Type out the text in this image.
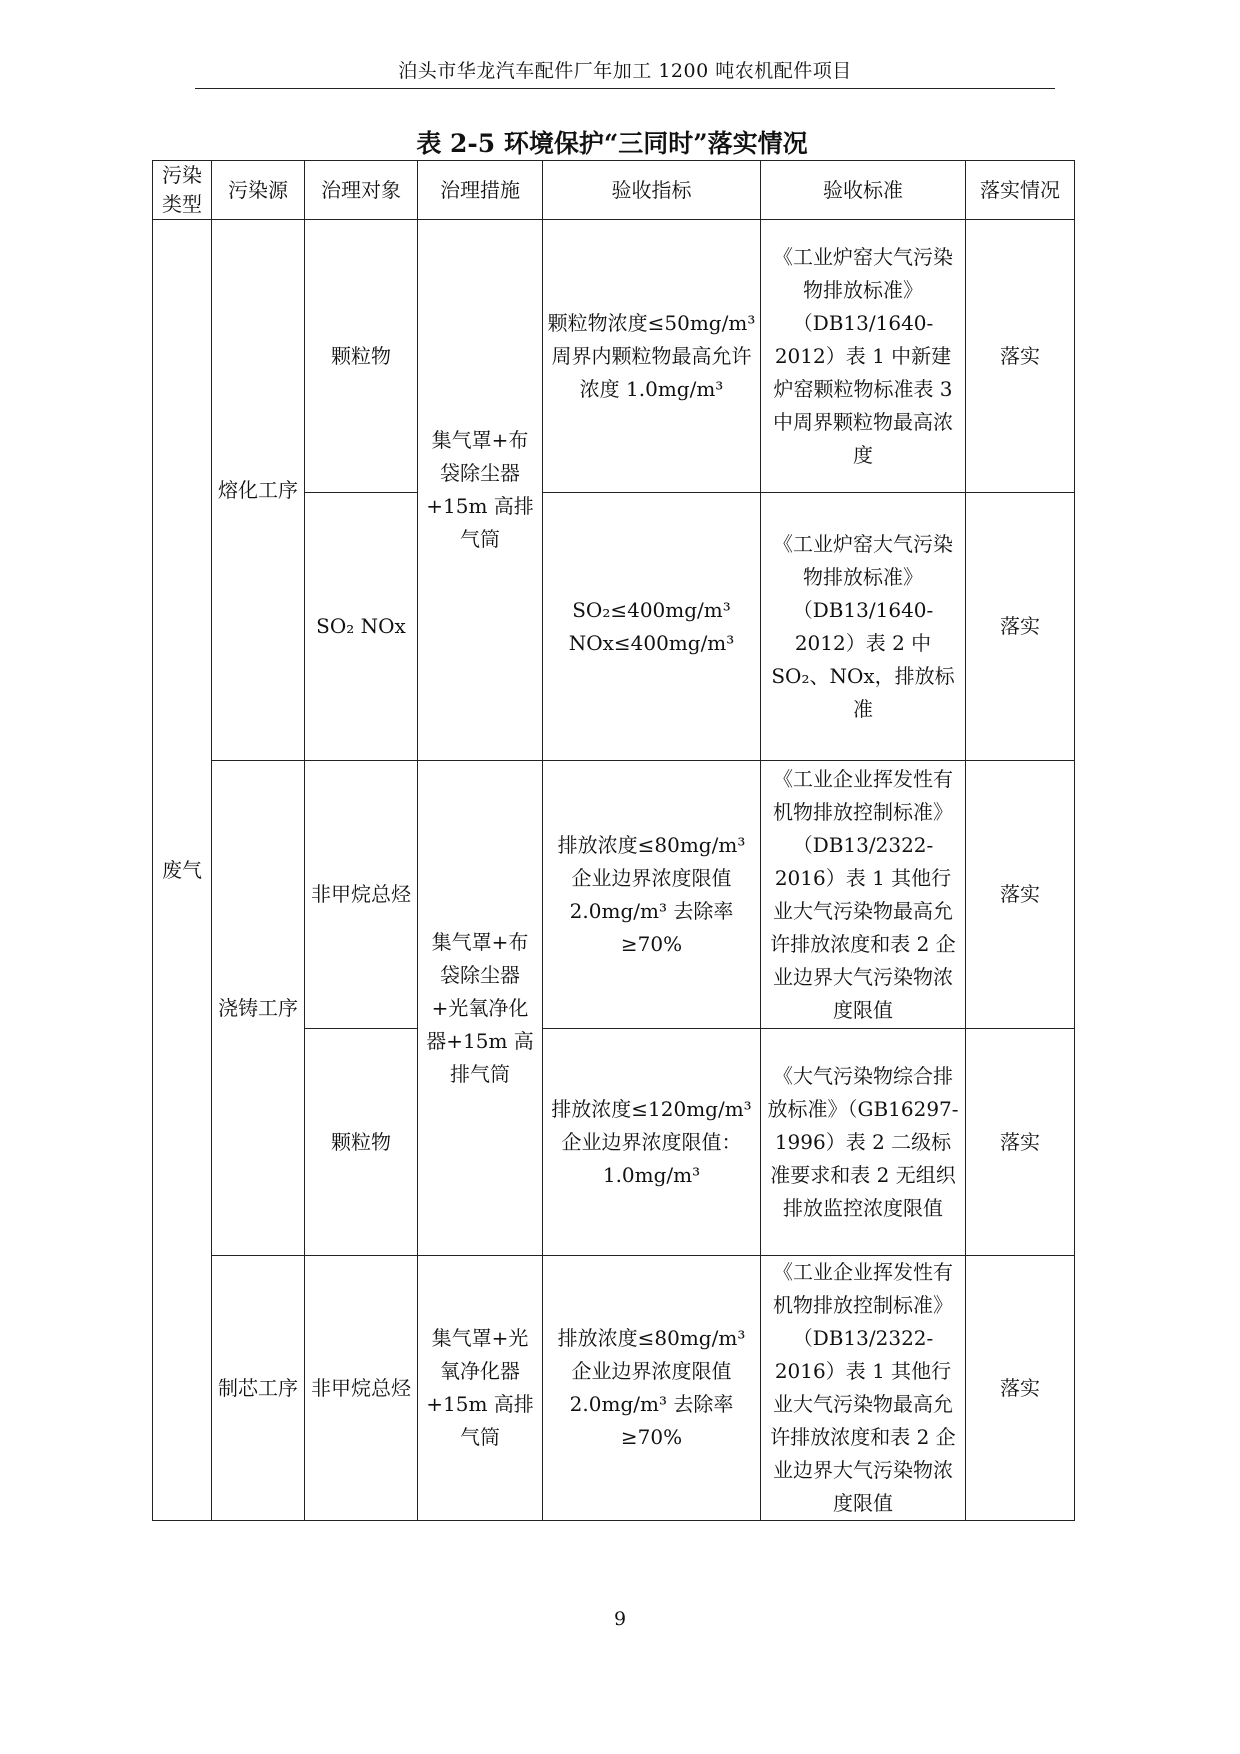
泊头市华龙汽车配件厂年加工 1200 吨农机配件项目
表 2-5 环境保护“三同时”落实情况
污染类型	污染源	治理对象	治理措施	验收指标	验收标准	落实情况
废气	熔化工序	颗粒物	集气罩+布袋除尘器+15m 高排气筒	颗粒物浓度≤50mg/m³ 周界内颗粒物最高允许浓度 1.0mg/m³	《工业炉窑大气污染物排放标准》（DB13/1640-2012）表 1 中新建炉窑颗粒物标准表 3 中周界颗粒物最高浓度	落实
		SO₂ NOx		SO₂≤400mg/m³ NOx≤400mg/m³	《工业炉窑大气污染物排放标准》（DB13/1640-2012）表 2 中 SO₂、NOx，排放标准	落实
	浇铸工序	非甲烷总烃	集气罩+布袋除尘器+光氧净化器+15m 高排气筒	排放浓度≤80mg/m³ 企业边界浓度限值 2.0mg/m³ 去除率≥70%	《工业企业挥发性有机物排放控制标准》（DB13/2322-2016）表 1 其他行业大气污染物最高允许排放浓度和表 2 企业边界大气污染物浓度限值	落实
		颗粒物		排放浓度≤120mg/m³ 企业边界浓度限值：1.0mg/m³	《大气污染物综合排放标准》（GB16297-1996）表 2 二级标准要求和表 2 无组织排放监控浓度限值	落实
	制芯工序	非甲烷总烃	集气罩+光氧净化器+15m 高排气筒	排放浓度≤80mg/m³ 企业边界浓度限值 2.0mg/m³ 去除率≥70%	《工业企业挥发性有机物排放控制标准》（DB13/2322-2016）表 1 其他行业大气污染物最高允许排放浓度和表 2 企业边界大气污染物浓度限值	落实
9
